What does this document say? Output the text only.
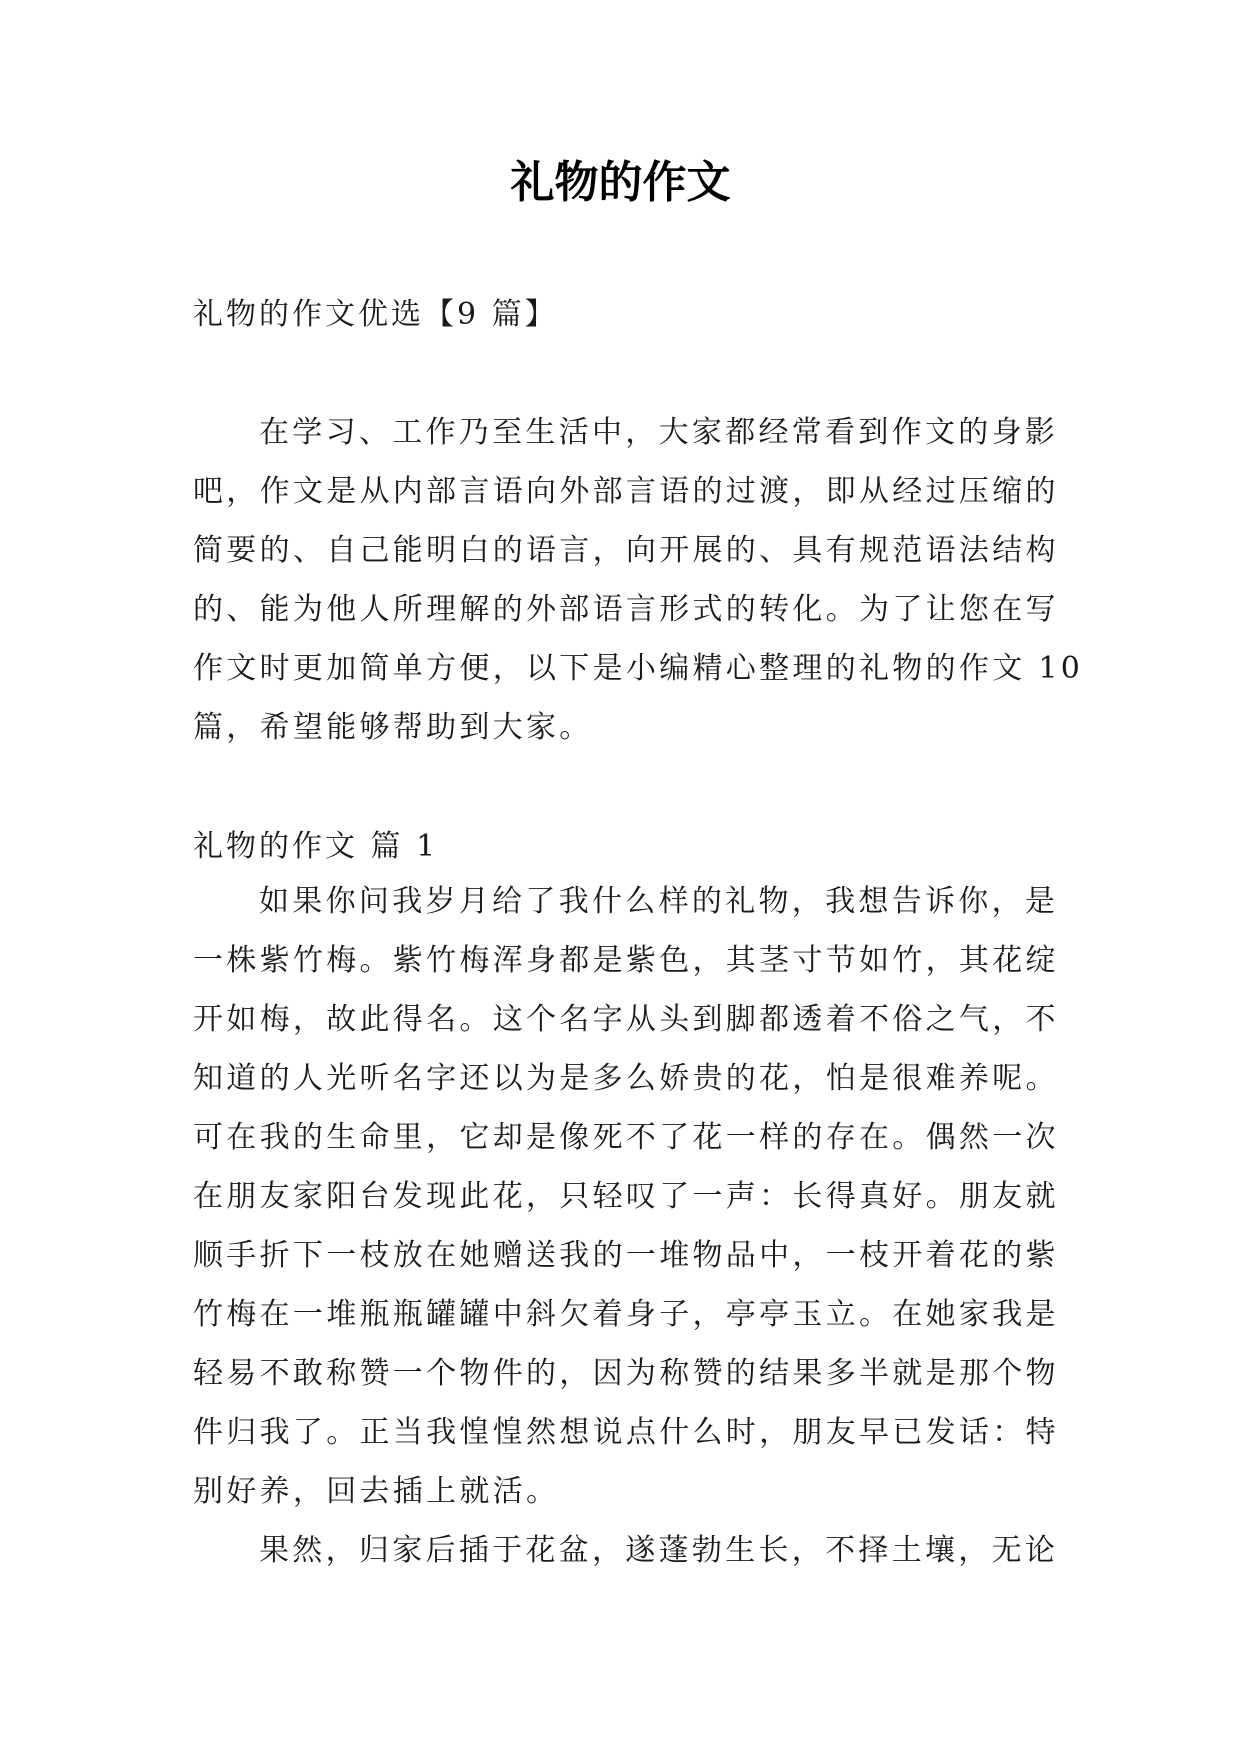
礼物的作文
礼物的作文优选【9 篇】
在学习、工作乃至生活中，大家都经常看到作文的身影
吧，作文是从内部言语向外部言语的过渡，即从经过压缩的
简要的、自己能明白的语言，向开展的、具有规范语法结构
的、能为他人所理解的外部语言形式的转化。为了让您在写
作文时更加简单方便，以下是小编精心整理的礼物的作文 10
篇，希望能够帮助到大家。
礼物的作文 篇 1
如果你问我岁月给了我什么样的礼物，我想告诉你，是
一株紫竹梅。紫竹梅浑身都是紫色，其茎寸节如竹，其花绽
开如梅，故此得名。这个名字从头到脚都透着不俗之气，不
知道的人光听名字还以为是多么娇贵的花，怕是很难养呢。
可在我的生命里，它却是像死不了花一样的存在。偶然一次
在朋友家阳台发现此花，只轻叹了一声：长得真好。朋友就
顺手折下一枝放在她赠送我的一堆物品中，一枝开着花的紫
竹梅在一堆瓶瓶罐罐中斜欠着身子，亭亭玉立。在她家我是
轻易不敢称赞一个物件的，因为称赞的结果多半就是那个物
件归我了。正当我惶惶然想说点什么时，朋友早已发话：特
别好养，回去插上就活。
果然，归家后插于花盆，遂蓬勃生长，不择土壤，无论
